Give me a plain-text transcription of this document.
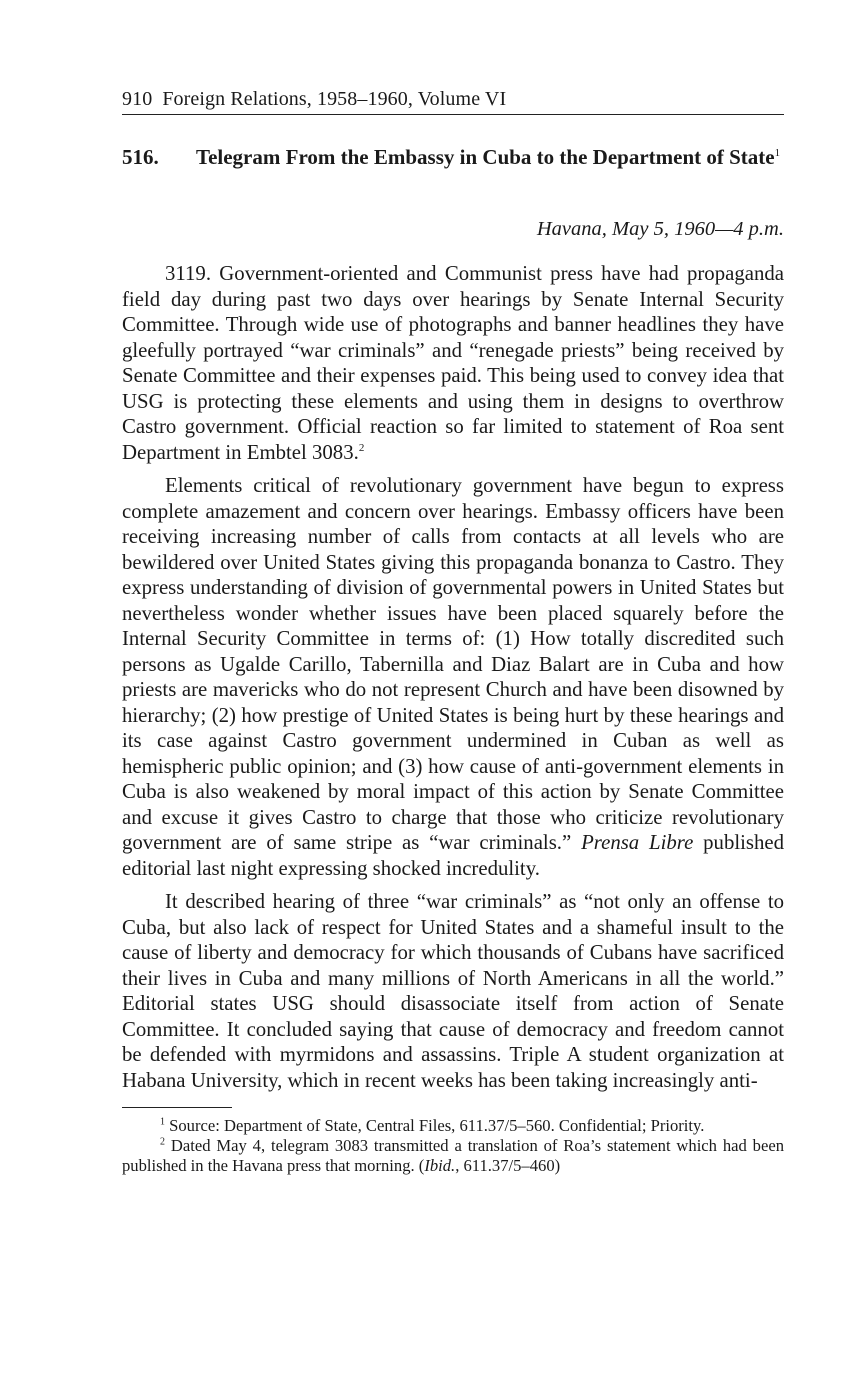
910 Foreign Relations, 1958–1960, Volume VI
516.	Telegram From the Embassy in Cuba to the Department of State$^1$
Havana, May 5, 1960—4 p.m.

3119. Government-oriented and Communist press have had propaganda field day during past two days over hearings by Senate Internal Security Committee. Through wide use of photographs and banner headlines they have gleefully portrayed “war criminals” and “renegade priests” being received by Senate Committee and their expenses paid. This being used to convey idea that USG is protecting these elements and using them in designs to overthrow Castro government. Official reaction so far limited to statement of Roa sent Department in Embtel 3083.$^2$

Elements critical of revolutionary government have begun to express complete amazement and concern over hearings. Embassy officers have been receiving increasing number of calls from contacts at all levels who are bewildered over United States giving this propaganda bonanza to Castro. They express understanding of division of governmental powers in United States but nevertheless wonder whether issues have been placed squarely before the Internal Security Committee in terms of: (1) How totally discredited such persons as Ugalde Carillo, Tabernilla and Diaz Balart are in Cuba and how priests are mavericks who do not represent Church and have been disowned by hierarchy; (2) how prestige of United States is being hurt by these hearings and its case against Castro government undermined in Cuban as well as hemispheric public opinion; and (3) how cause of anti-government elements in Cuba is also weakened by moral impact of this action by Senate Committee and excuse it gives Castro to charge that those who criticize revolutionary government are of same stripe as “war criminals.” Prensa Libre published editorial last night expressing shocked incredulity.

It described hearing of three “war criminals” as “not only an offense to Cuba, but also lack of respect for United States and a shameful insult to the cause of liberty and democracy for which thousands of Cubans have sacrificed their lives in Cuba and many millions of North Americans in all the world.” Editorial states USG should disassociate itself from action of Senate Committee. It concluded saying that cause of democracy and freedom cannot be defended with myrmidons and assassins. Triple A student organization at Habana University, which in recent weeks has been taking increasingly anti-

$^1$ Source: Department of State, Central Files, 611.37/5–560. Confidential; Priority.

$^2$ Dated May 4, telegram 3083 transmitted a translation of Roa’s statement which had been published in the Havana press that morning. (Ibid., 611.37/5–460)
